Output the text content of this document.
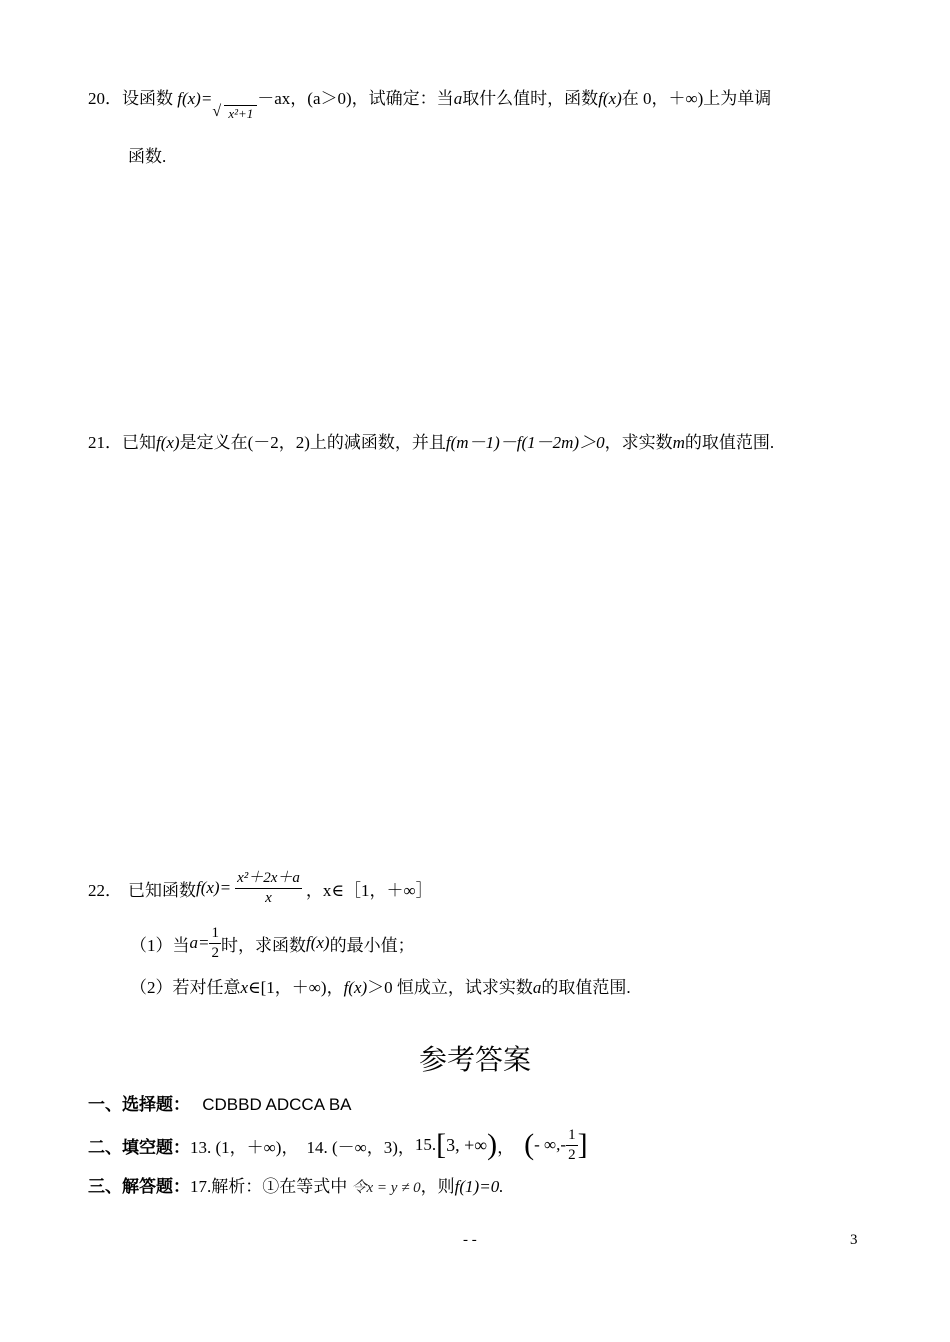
20．设函数 f(x)=√ x²+1－ax，(a＞0)，试确定：当a取什么值时，函数f(x)在 0，＋∞)上为单调
函数.
21．已知f(x)是定义在(－2，2)上的减函数，并且f(m－1)－f(1－2m)＞0，求实数m的取值范围.
22． 已知函数 $f(x)= \frac{\text{x²＋2x＋a}}{x}$ ，x∈［1，＋∞］
（1）当 $a= \frac{1}{2}$ 时，求函数 f(x) 的最小值；
（2）若对任意x∈[1，＋∞)，f(x)＞0 恒成立，试求实数a的取值范围.
参考答案
一、选择题： CDBBD ADCCA BA
二、填空题： 13. (1，＋∞)， 14. (－∞，3)， 15. [ 3, +∞ ) ， ( - ∞,- $\frac{1}{2}$ ]
三、解答题：17.解析：①在等式中 令x = y ≠ 0，则f(1)=0.
- -	3
